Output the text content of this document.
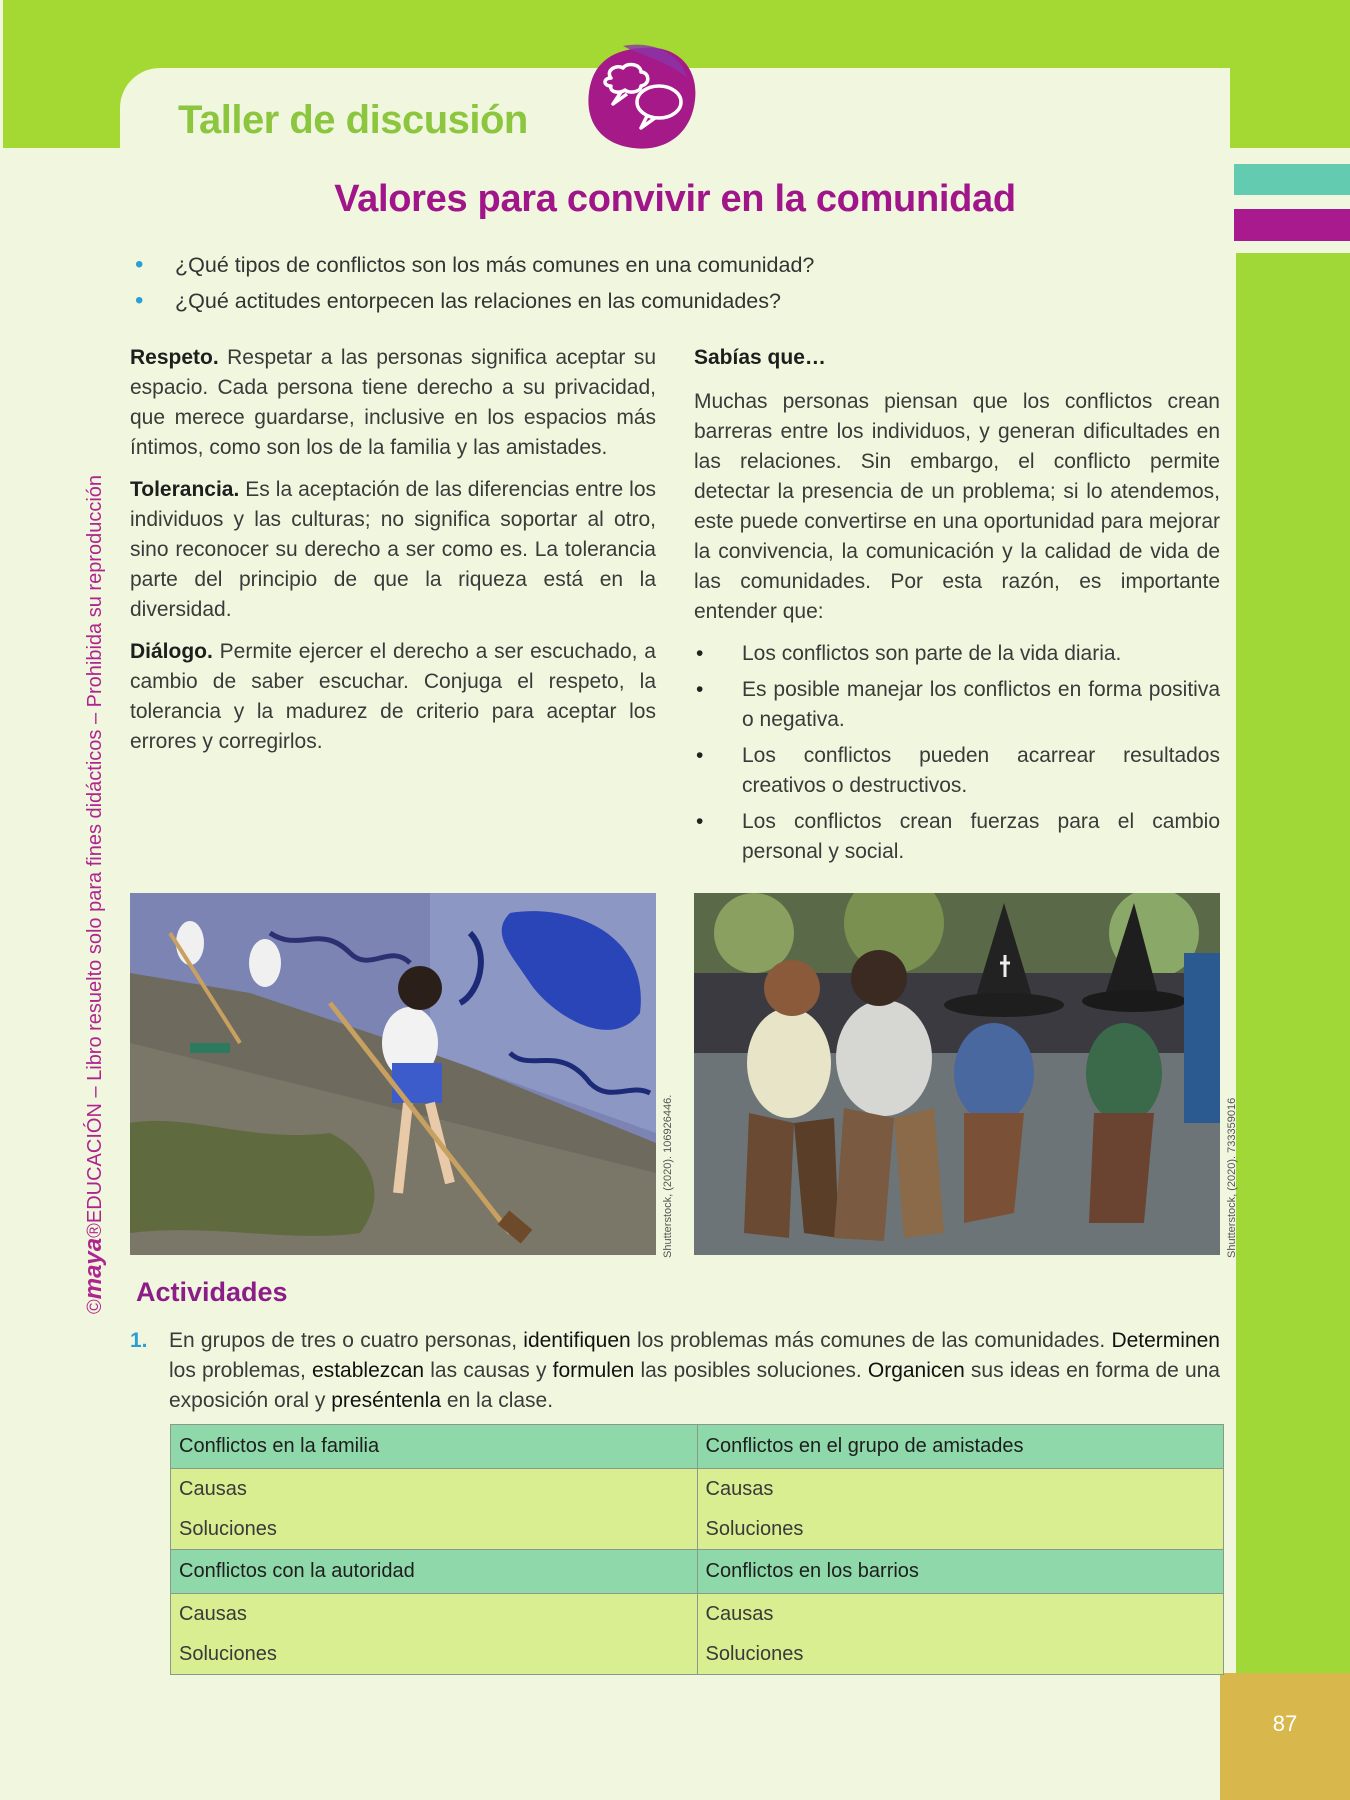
Taller de discusión
87
©maya®EDUCACIÓN – Libro resuelto solo para fines didácticos – Prohibida su reproducción
Valores para convivir en la comunidad
• ¿Qué tipos de conflictos son los más comunes en una comunidad?
• ¿Qué actitudes entorpecen las relaciones en las comunidades?

Respeto. Respetar a las personas significa aceptar su espacio. Cada persona tiene derecho a su privacidad, que merece guardarse, inclusive en los espacios más íntimos, como son los de la familia y las amistades.

Tolerancia. Es la aceptación de las diferencias entre los individuos y las culturas; no significa soportar al otro, sino reconocer su derecho a ser como es. La tolerancia parte del principio de que la riqueza está en la diversidad.

Diálogo. Permite ejercer el derecho a ser escuchado, a cambio de saber escuchar. Conjuga el respeto, la tolerancia y la madurez de criterio para aceptar los errores y corregirlos.

Sabías que…

Muchas personas piensan que los conflictos crean barreras entre los individuos, y generan dificultades en las relaciones. Sin embargo, el conflicto permite detectar la presencia de un problema; si lo atendemos, este puede convertirse en una oportunidad para mejorar la convivencia, la comunicación y la calidad de vida de las comunidades. Por esta razón, es importante entender que:

• Los conflictos son parte de la vida diaria.
• Es posible manejar los conflictos en forma positiva o negativa.
• Los conflictos pueden acarrear resultados creativos o destructivos.
• Los conflictos crean fuerzas para el cambio personal y social.
Shutterstock, (2020). 106926446.	Shutterstock, (2020). 733359016
Actividades
1. En grupos de tres o cuatro personas, identifiquen los problemas más comunes de las comunidades. Determinen los problemas, establezcan las causas y formulen las posibles soluciones. Organicen sus ideas en forma de una exposición oral y preséntenla en la clase.
Conflictos en la familia	Conflictos en el grupo de amistades
Causas	Causas
Soluciones	Soluciones
Conflictos con la autoridad	Conflictos en los barrios
Causas	Causas
Soluciones	Soluciones
